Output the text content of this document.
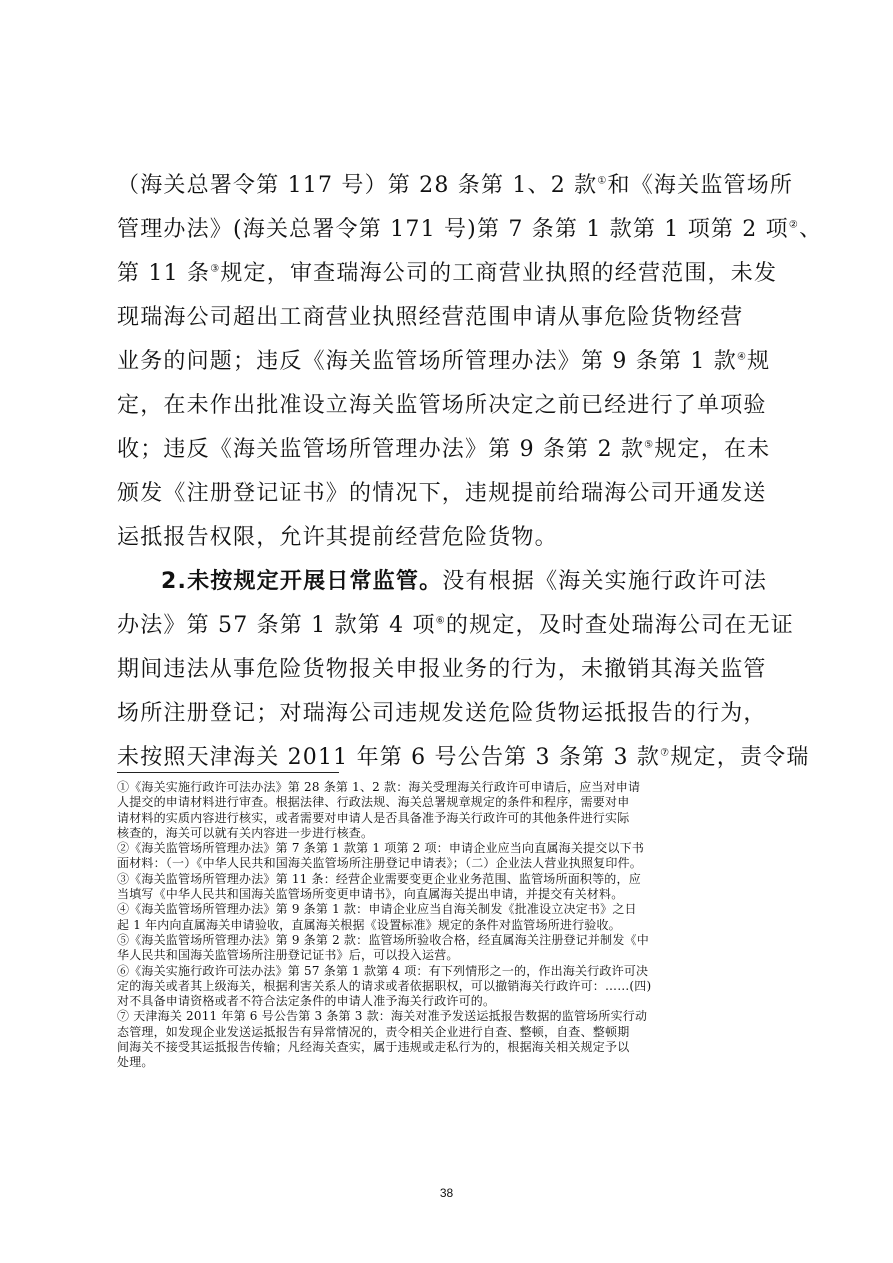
（海关总署令第 117 号）第 28 条第 1、2 款①和《海关监管场所
管理办法》(海关总署令第 171 号)第 7 条第 1 款第 1 项第 2 项②、
第 11 条③规定，审查瑞海公司的工商营业执照的经营范围，未发
现瑞海公司超出工商营业执照经营范围申请从事危险货物经营
业务的问题；违反《海关监管场所管理办法》第 9 条第 1 款④规
定，在未作出批准设立海关监管场所决定之前已经进行了单项验
收；违反《海关监管场所管理办法》第 9 条第 2 款⑤规定，在未
颁发《注册登记证书》的情况下，违规提前给瑞海公司开通发送
运抵报告权限，允许其提前经营危险货物。
2.未按规定开展日常监管。没有根据《海关实施行政许可法
办法》第 57 条第 1 款第 4 项⑥的规定，及时查处瑞海公司在无证
期间违法从事危险货物报关申报业务的行为，未撤销其海关监管
场所注册登记；对瑞海公司违规发送危险货物运抵报告的行为，
未按照天津海关 2011 年第 6 号公告第 3 条第 3 款⑦规定，责令瑞
①《海关实施行政许可法办法》第 28 条第 1、2 款：海关受理海关行政许可申请后，应当对申请
人提交的申请材料进行审查。根据法律、行政法规、海关总署规章规定的条件和程序，需要对申
请材料的实质内容进行核实，或者需要对申请人是否具备准予海关行政许可的其他条件进行实际
核查的，海关可以就有关内容进一步进行核查。
②《海关监管场所管理办法》第 7 条第 1 款第 1 项第 2 项：申请企业应当向直属海关提交以下书
面材料：（一）《中华人民共和国海关监管场所注册登记申请表》；（二）企业法人营业执照复印件。
③《海关监管场所管理办法》第 11 条：经营企业需要变更企业业务范围、监管场所面积等的，应
当填写《中华人民共和国海关监管场所变更申请书》，向直属海关提出申请，并提交有关材料。
④《海关监管场所管理办法》第 9 条第 1 款：申请企业应当自海关制发《批准设立决定书》之日
起 1 年内向直属海关申请验收，直属海关根据《设置标准》规定的条件对监管场所进行验收。
⑤《海关监管场所管理办法》第 9 条第 2 款：监管场所验收合格，经直属海关注册登记并制发《中
华人民共和国海关监管场所注册登记证书》后，可以投入运营。
⑥《海关实施行政许可法办法》第 57 条第 1 款第 4 项：有下列情形之一的，作出海关行政许可决
定的海关或者其上级海关，根据利害关系人的请求或者依据职权，可以撤销海关行政许可：……(四)
对不具备申请资格或者不符合法定条件的申请人准予海关行政许可的。
⑦ 天津海关 2011 年第 6 号公告第 3 条第 3 款：海关对准予发送运抵报告数据的监管场所实行动
态管理，如发现企业发送运抵报告有异常情况的，责令相关企业进行自查、整顿，自查、整顿期
间海关不接受其运抵报告传输；凡经海关查实，属于违规或走私行为的，根据海关相关规定予以
处理。
38
